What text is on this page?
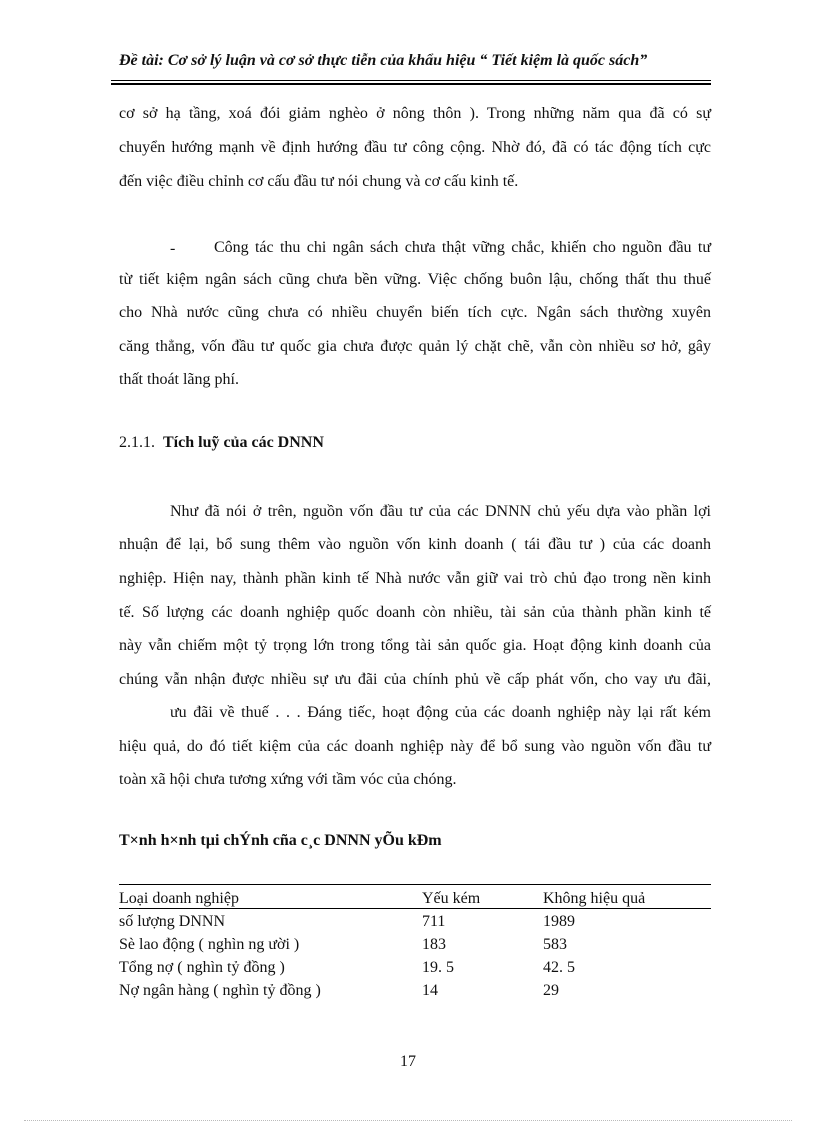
Đề tài: Cơ sở lý luận và cơ sở thực tiễn của khẩu hiệu “ Tiết kiệm là quốc sách”
cơ sở hạ tầng, xoá đói giảm nghèo ở nông thôn ). Trong những năm qua đã có sự
chuyển hướng mạnh về định hướng đầu tư công cộng. Nhờ đó, đã có tác động tích cực
đến việc điều chỉnh cơ cấu đầu tư nói chung và cơ cấu kinh tế.
- Công tác thu chi ngân sách chưa thật vững chắc, khiến cho nguồn đầu tư
từ tiết kiệm ngân sách cũng chưa bền vững. Việc chống buôn lậu, chống thất thu thuế
cho Nhà nước cũng chưa có nhiều chuyển biến tích cực. Ngân sách thường xuyên
căng thẳng, vốn đầu tư quốc gia chưa được quản lý chặt chẽ, vẫn còn nhiều sơ hở, gây
thất thoát lãng phí.
2.1.1. Tích luỹ của các DNNN
Như đã nói ở trên, nguồn vốn đầu tư của các DNNN chủ yếu dựa vào phần lợi
nhuận để lại, bổ sung thêm vào nguồn vốn kinh doanh ( tái đầu tư ) của các doanh
nghiệp. Hiện nay, thành phần kinh tế Nhà nước vẫn giữ vai trò chủ đạo trong nền kinh
tế. Số lượng các doanh nghiệp quốc doanh còn nhiều, tài sản của thành phần kinh tế
này vẫn chiếm một tỷ trọng lớn trong tổng tài sản quốc gia. Hoạt động kinh doanh của
chúng vẫn nhận được nhiều sự ưu đãi của chính phủ về cấp phát vốn, cho vay ưu đãi,
ưu đãi về thuế . . . Đáng tiếc, hoạt động của các doanh nghiệp này lại rất kém
hiệu quả, do đó tiết kiệm của các doanh nghiệp này để bổ sung vào nguồn vốn đầu tư
toàn xã hội chưa tương xứng với tầm vóc của chóng.
T×nh h×nh tµi chÝnh cña c¸c DNNN yÕu kÐm
Loại doanh nghiệp	Yếu kém	Không hiệu quả
số lượng DNNN	711	1989
Sè lao động ( nghìn ng ười )	183	583
Tổng nợ ( nghìn tỷ đồng )	19. 5	42. 5
Nợ ngân hàng ( nghìn tỷ đồng )	14	29
17
